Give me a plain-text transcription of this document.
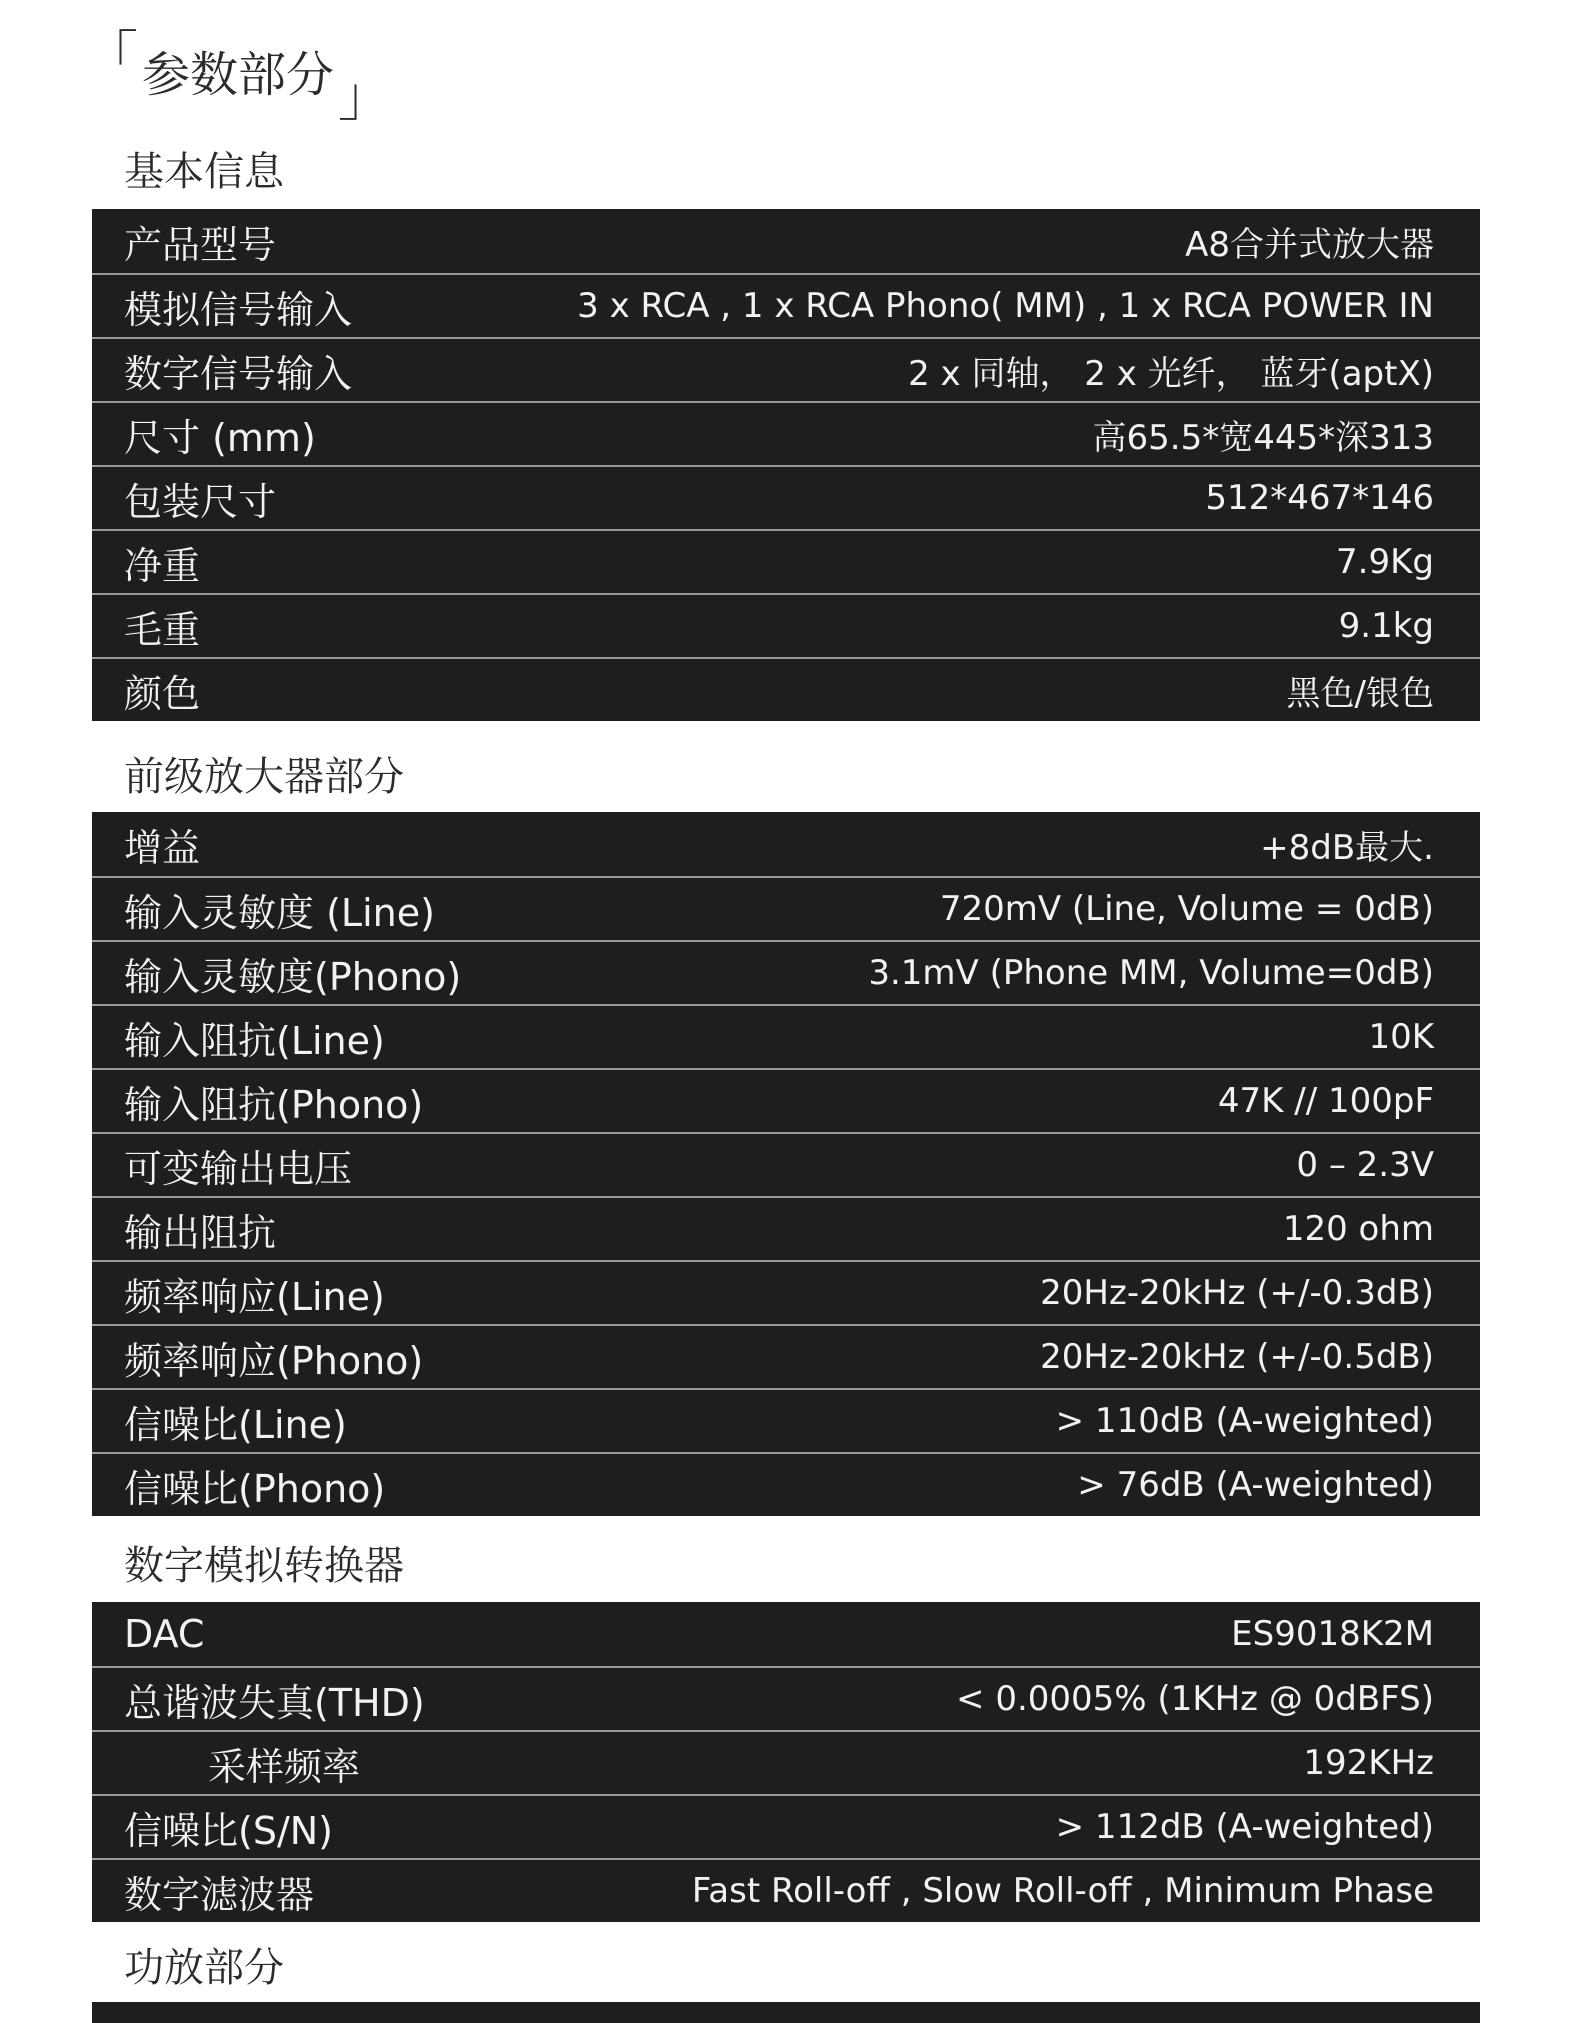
「 参数部分 」
基本信息
产品型号	A8合并式放大器
模拟信号输入	3 x RCA , 1 x RCA Phono( MM) , 1 x RCA POWER IN
数字信号输入	2 x 同轴， 2 x 光纤， 蓝牙(aptX)
尺寸 (mm)	高65.5*宽445*深313
包装尺寸	512*467*146
净重	7.9Kg
毛重	9.1kg
颜色	黑色/银色
前级放大器部分
增益	+8dB最大.
输入灵敏度 (Line)	720mV (Line, Volume = 0dB)
输入灵敏度(Phono)	3.1mV (Phone MM, Volume=0dB)
输入阻抗(Line)	10K
输入阻抗(Phono)	47K // 100pF
可变输出电压	0 – 2.3V
输出阻抗	120 ohm
频率响应(Line)	20Hz-20kHz (+/-0.3dB)
频率响应(Phono)	20Hz-20kHz (+/-0.5dB)
信噪比(Line)	> 110dB (A-weighted)
信噪比(Phono)	> 76dB (A-weighted)
数字模拟转换器
DAC	ES9018K2M
总谐波失真(THD)	< 0.0005% (1KHz @ 0dBFS)
采样频率	192KHz
信噪比(S/N)	> 112dB (A-weighted)
数字滤波器	Fast Roll-off , Slow Roll-off , Minimum Phase
功放部分
